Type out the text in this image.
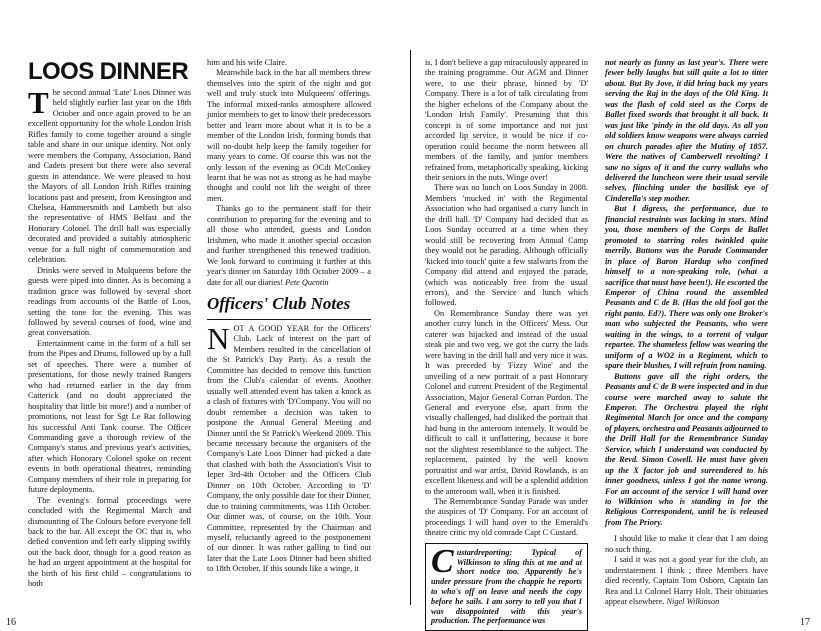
LOOS DINNER

The second annual 'Late' Loos Dinner was held slightly earlier last year on the 18th October and once again proved to be an excellent opportunity for the whole London Irish Rifles family to come together around a single table and share in our unique identity. Not only were members the Company, Association, Band and Cadets present but there were also several guests in attendance. We were pleased to host the Mayors of all London Irish Rifles training locations past and present, from Kensington and Chelsea, Hammersmith and Lambeth but also the representative of HMS Belfast and the Honorary Colonel. The drill hall was especially decorated and provided a suitably atmospheric venue for a full night of commemoration and celebration.

Drinks were served in Mulqueens before the guests were piped into dinner. As is becoming a tradition grace was followed by several short readings from accounts of the Battle of Loos, setting the tone for the evening. This was followed by several courses of food, wine and great conversation.

Entertainment came in the form of a full set from the Pipes and Drums, followed up by a full set of speeches. There were a number of presentations, for those newly trained Rangers who had returned earlier in the day from Catterick (and no doubt appreciated the hospitality that little bit more!) and a number of promotions, not least for Sgt Le Rat following his successful Anti Tank course. The Officer Commanding gave a thorough review of the Company's status and previous year's activities, after which Honorary Colonel spoke on recent events in both operational theatres, reminding Company members of their role in preparing for future deployments.

The evening's formal proceedings were concluded with the Regimental March and dismounting of The Colours before everyone fell back to the bar. All except the OC that is, who defied convention and left early slipping swiftly out the back door, though for a good reason as he had an urgent appointment at the hospital for the birth of his first child – congratulations to both

him and his wife Claire.

Meanwhile back in the bar all members threw themselves into the spirit of the night and got well and truly stuck into Mulqueens' offerings. The informal mixed-ranks atmosphere allowed junior members to get to know their predecessors better and learn more about what it is to be a member of the London Irish, forming bonds that will no-doubt help keep the family together for many years to come. Of course this was not the only lesson of the evening as OCdt McConkey learnt that he was not as strong as he had maybe thought and could not lift the weight of three men.

Thanks go to the permanent staff for their contribution to preparing for the evening and to all those who attended, guests and London Irishmen, who made it another special occasion and further strengthened this renewed tradition. We look forward to continuing it further at this year's dinner on Saturday 18th October 2009 – a date for all our diaries! Pete Quentin

Officers' Club Notes

NOT A GOOD YEAR for the Officers' Club. Lack of interest on the part of Members resulted in the cancellation of the St Patrick's Day Party. As a result the Committee has decided to remove this function from the Club's calendar of events. Another usually well attended event has taken a knock as a clash of fixtures with 'D'Company. You will no doubt remember a decision was taken to postpone the Annual General Meeting and Dinner until the St Patrick's Weekend 2009. This became necessary because the organisers of the Company's Late Loos Dinner had picked a date that clashed with both the Association's Visit to Ieper 3rd-4th October and the Officers Club Dinner on 10th October. According to 'D' Company, the only possible date for their Dinner, due to training commitments, was 11th October. Our dinner was, of course, on the 10th. Your Committee, represented by the Chairman and myself, reluctantly agreed to the postponement of our dinner. It was rather galling to find out later that the Late Loos Dinner had been shifted to 18th October. If this sounds like a winge, it

is. I don't believe a gap miraculously appeared in the training programme. Our AGM and Dinner were, to use their phrase, binned by 'D' Company. There is a lot of talk circulating from the higher echelons of the Company about the 'London Irish Family'. Presuming that this concept is of some importance and not just accorded lip service, it would be nice if co-operation could become the norm between all members of the family, and junior members refrained from, metaphorically speaking, kicking their seniors in the nuts. Winge over!

There was no lunch on Loos Sunday in 2008. Members 'mucked in' with the Regimental Association who had organised a curry lunch in the drill hall. 'D' Company had decided that as Loos Sunday occurred at a time when they would still be recovering from Annual Camp they would not be parading. Although officially 'kicked into touch' quite a few stalwarts from the Company did attend and enjoyed the parade, (which was noticeably free from the usual errors), and the Service and lunch which followed.

On Remembrance Sunday there was yet another curry lunch in the Officers' Mess. Our caterer was hijacked and instead of the usual steak pie and two veg, we got the curry the lads were having in the drill hall and very nice it was. It was preceded by 'Fizzy Wine' and the unveiling of a new portrait of a past Honorary Colonel and current President of the Regimental Association, Major General Corran Purdon. The General and everyone else, apart from the visually challenged, had disliked the portrait that had hung in the anteroom intensely. It would be difficult to call it unflattering, because it bore not the slightest resemblance to the subject. The replacement, painted by the well known portraitist and war artist, David Rowlands, is an excellent likeness and will be a splendid addition to the anteroom wall, when it is finished.

The Remembrance Sunday Parade was under the auspices of 'D' Company. For an account of proceedings I will hand over to the Emerald's theatre critic my old comrade Capt C Custard.

Custardreporting: Typical of Wilkinson to sling this at me and at short notice too. Apparently he's under pressure from the chappie he reports to who's off on leave and needs the copy before he sails. I am sorry to tell you that I was disappointed with this year's production. The performance was

not nearly as funny as last year's. There were fewer belly laughs but still quite a lot to titter about. But By Jove, it did bring back my years serving the Raj in the days of the Old King. It was the flash of cold steel as the Corps de Ballet fixed swords that brought it all back. It was just like 'pindy in the old days. As all you old soldiers know weapons were always carried on church parades after the Mutiny of 1857. Were the natives of Camberwell revolting? I saw no signs of it and the curry wallahs who delivered the luncheon were their usual servile selves, flinching under the basilisk eye of Cinderella's step mother.

But I digress, the performance, due to financial restraints was lacking in stars. Mind you, those members of the Corps de Ballet promoted to starring roles twinkled quite merrily. Buttons was the Parade Commander in place of Baron Hardup who confined himself to a non-speaking role, (what a sacrifice that must have been!). He escorted the Emperor of China round the assembled Peasants and C de B. (Has the old fool got the right panto. Ed?). There was only one Broker's man who subjected the Peasants, who were waiting in the wings, to a torrent of vulgar repartee. The shameless fellow was wearing the uniform of a WO2 in a Regiment, which to spare their blushes, I will refrain from naming.

Buttons gave all the right orders, the Peasants and C de B were inspected and in due course were marched away to salute the Emperor. The Orchestra played the right Regimental March for once and the company of players, orchestra and Peasants adjourned to the Drill Hall for the Remembrance Sunday Service, which I understand was conducted by the Revd. Simon Cowell. He must have given up the X factor job and surrendered to his inner goodness, unless I got the name wrong. For an account of the service I will hand over to Wilkinson who is standing in for the Religious Correspondent, until he is released from The Priory.

I should like to make it clear that I am doing no such thing.

I said it was not a good year for the club, an understatement I think ; three Members have died recently, Captain Tom Osborn, Captain Ian Rea and Lt Colonel Harry Holt. Their obituaries appear elsewhere. Nigel Wilkinson

16	17
